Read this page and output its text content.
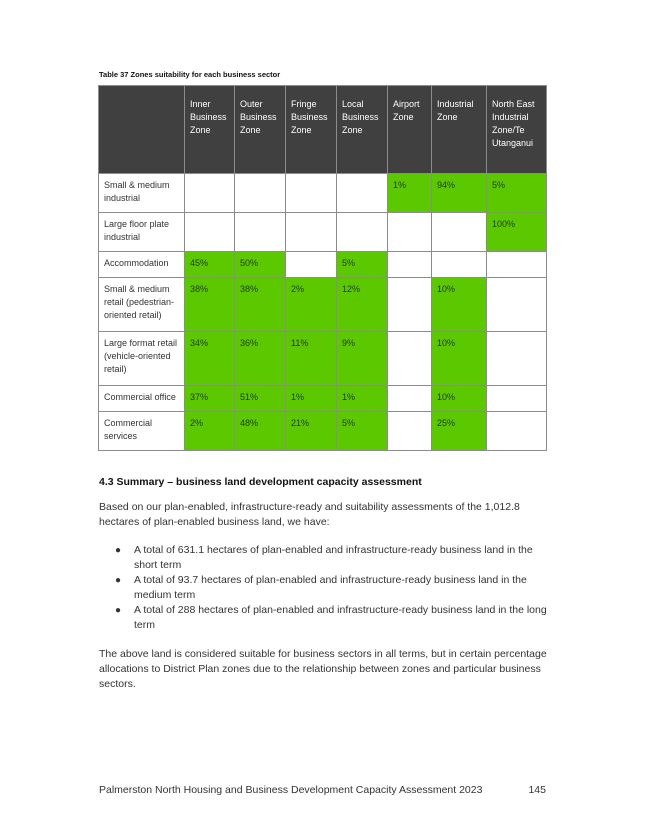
Table 37 Zones suitability for each business sector
	Inner Business Zone	Outer Business Zone	Fringe Business Zone	Local Business Zone	Airport Zone	Industrial Zone	North East Industrial Zone/Te Utanganui
Small & medium industrial					1%	94%	5%
Large floor plate industrial							100%
Accommodation	45%	50%		5%			
Small & medium retail (pedestrian-oriented retail)	38%	38%	2%	12%		10%	
Large format retail (vehicle-oriented retail)	34%	36%	11%	9%		10%	
Commercial office	37%	51%	1%	1%		10%	
Commercial services	2%	48%	21%	5%		25%	
4.3 Summary – business land development capacity assessment

Based on our plan-enabled, infrastructure-ready and suitability assessments of the 1,012.8 hectares of plan-enabled business land, we have:

● A total of 631.1 hectares of plan-enabled and infrastructure-ready business land in the short term
● A total of 93.7 hectares of plan-enabled and infrastructure-ready business land in the medium term
● A total of 288 hectares of plan-enabled and infrastructure-ready business land in the long term

The above land is considered suitable for business sectors in all terms, but in certain percentage allocations to District Plan zones due to the relationship between zones and particular business sectors.

Palmerston North Housing and Business Development Capacity Assessment 2023	145
